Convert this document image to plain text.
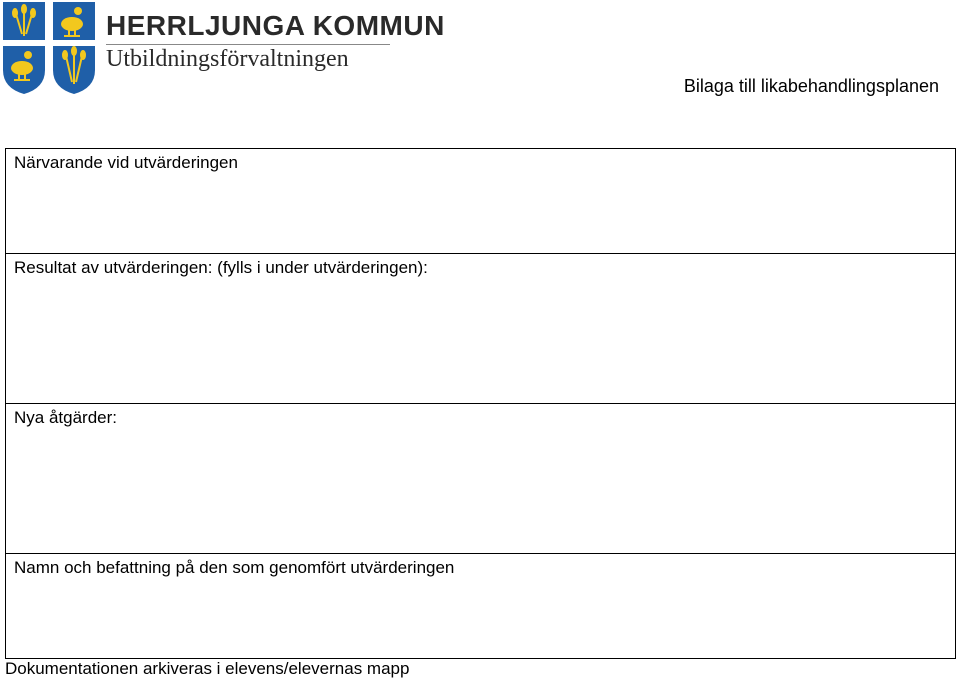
HERRLJUNGA KOMMUN
Utbildningsförvaltningen
Bilaga till likabehandlingsplanen
Närvarande vid utvärderingen
Resultat av utvärderingen: (fylls i under utvärderingen):
Nya åtgärder:
Namn och befattning på den som genomfört utvärderingen
Dokumentationen arkiveras i elevens/elevernas mapp
